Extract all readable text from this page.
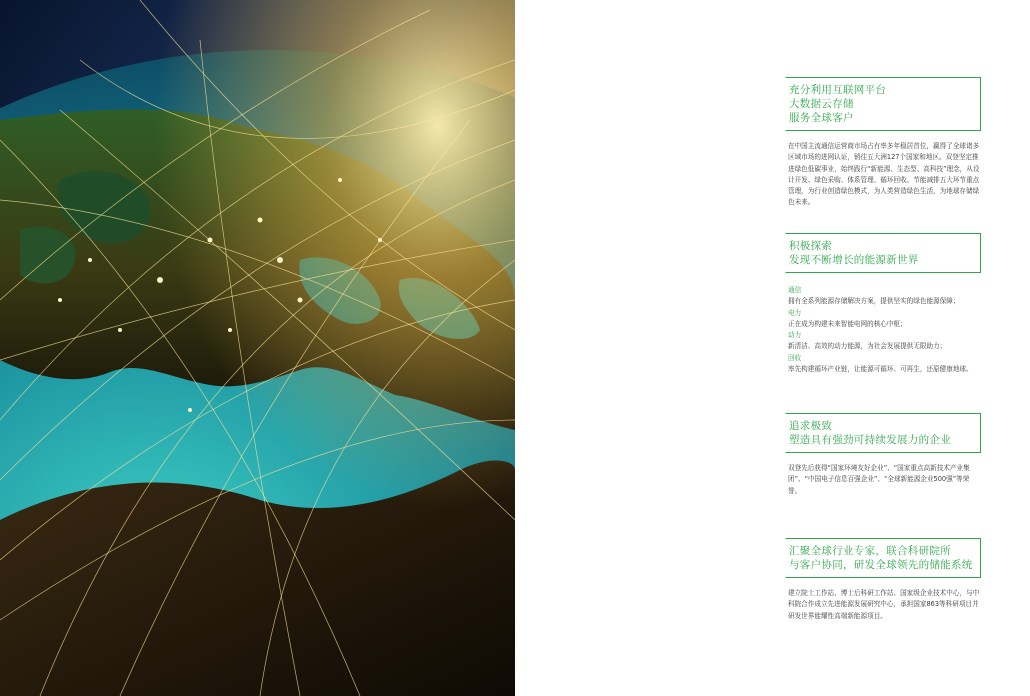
充分利用互联网平台
大数据云存储
服务全球客户
在中国主流通信运营商市场占有率多年稳居首位，赢得了全球诸多区域市场的进网认证，销往五大洲127个国家和地区。双登坚定推进绿色低碳事业，始终践行“新能源、生态型、高科技”理念，从设计开发、绿色采购、体系管理、循环回收、节能减排五大环节重点管理，为行业创造绿色模式，为人类营造绿色生活，为地球存储绿色未来。
积极探索
发现不断增长的能源新世界
通信
拥有全系列能源存储解决方案，提供坚实的绿色能源保障；
电力
正在成为构建未来智能电网的核心中枢；
动力
新清洁、高效的动力能源，为社会发展提供无限助力；
回收
率先构建循环产业链，让能源可循环、可再生，还原健康地球。
追求极致
塑造具有强劲可持续发展力的企业
双登先后获得“国家环境友好企业”、“国家重点高新技术产业集团”、“中国电子信息百强企业”、“全球新能源企业500强”等荣誉。
汇聚全球行业专家，联合科研院所
与客户协同，研发全球领先的储能系统
建立院士工作站、博士后科研工作站、国家级企业技术中心，与中科院合作成立先进能源发展研究中心，承担国家863等科研项目并研发世界能耀性高端新能源项目。
